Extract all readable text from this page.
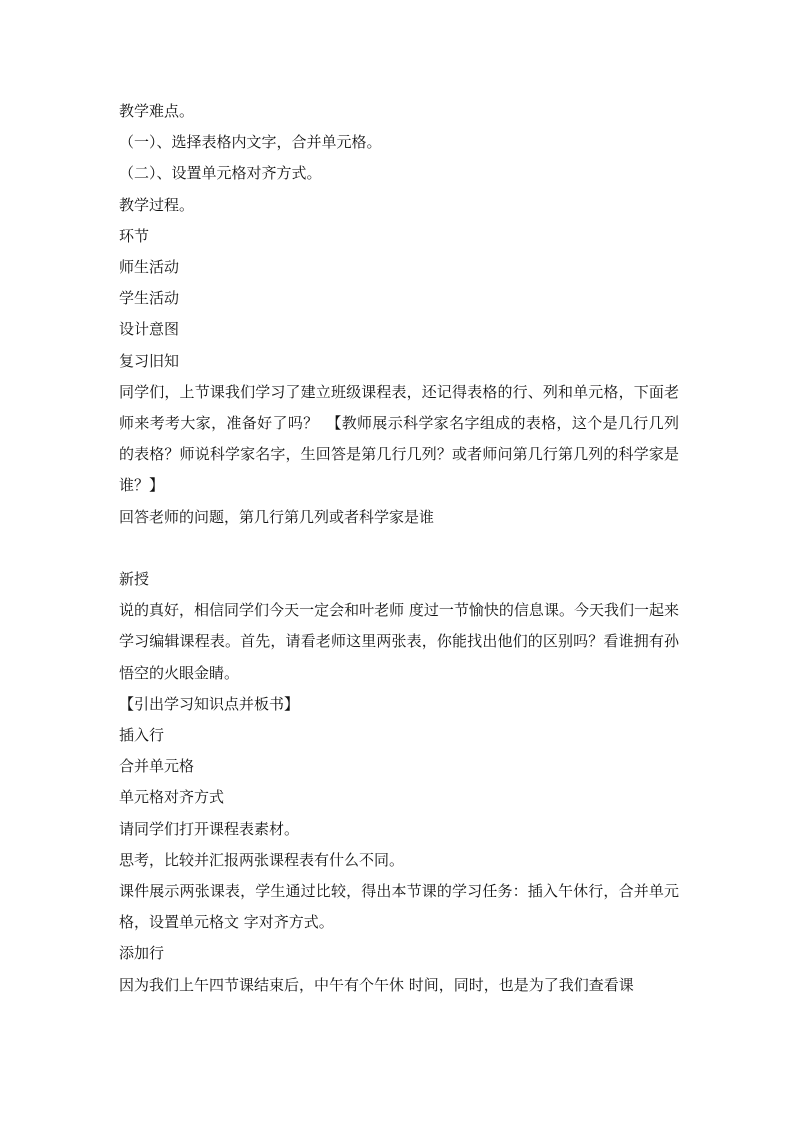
教学难点。

（一）、选择表格内文字，合并单元格。

（二）、设置单元格对齐方式。

教学过程。

环节

师生活动

学生活动

设计意图

复习旧知

同学们，上节课我们学习了建立班级课程表，还记得表格的行、列和单元格，下面老 师来考考大家，准备好了吗？　【教师展示科学家名字组成的表格，这个是几行几列的表格？师说科学家名字，生回答是第几行几列？或者师问第几行第几列的科学家是谁？】

回答老师的问题，第几行第几列或者科学家是谁

新授

说的真好，相信同学们今天一定会和叶老师 度过一节愉快的信息课。今天我们一起来学习编辑课程表。首先，请看老师这里两张表，你能找出他们的区别吗？看谁拥有孙悟空的火眼金睛。

【引出学习知识点并板书】

插入行

合并单元格

单元格对齐方式

请同学们打开课程表素材。

思考，比较并汇报两张课程表有什么不同。

课件展示两张课表，学生通过比较，得出本节课的学习任务：插入午休行，合并单元格，设置单元格文 字对齐方式。

添加行

因为我们上午四节课结束后，中午有个午休 时间，同时，也是为了我们查看课
